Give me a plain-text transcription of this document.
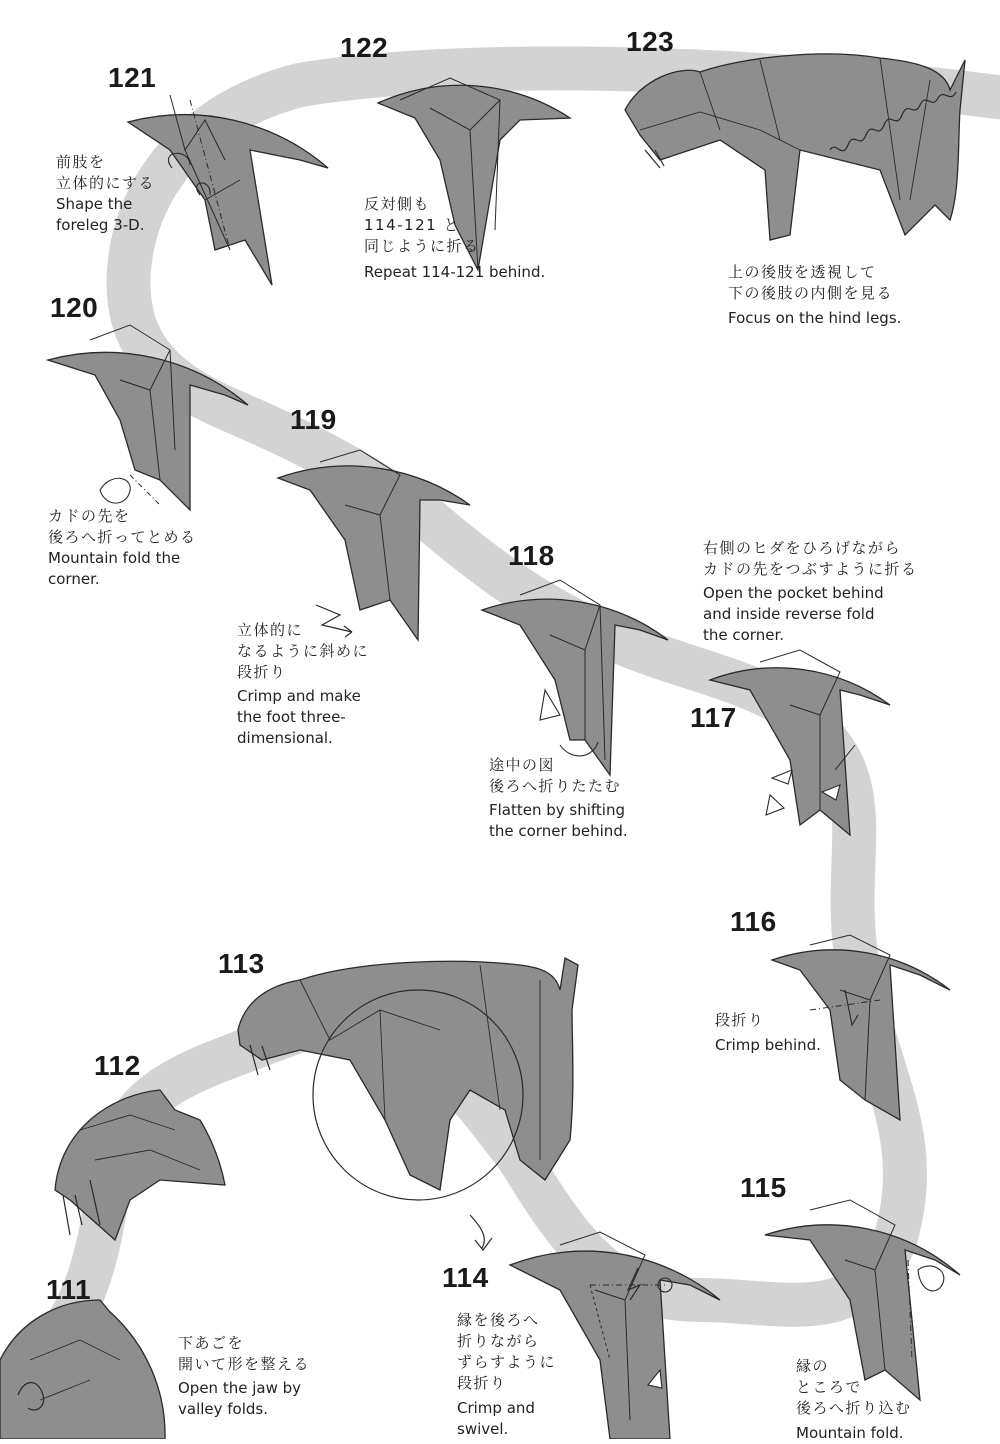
121
前肢を
立体的にする
Shape the
foreleg 3-D.
122
反対側も
114-121 と
同じように折る
Repeat 114-121 behind.
123
上の後肢を透視して
下の後肢の内側を見る
Focus on the hind legs.
120
カドの先を
後ろへ折ってとめる
Mountain fold the
corner.
119
立体的に
なるように斜めに
段折り
Crimp and make
the foot three-
dimensional.
118
途中の図
後ろへ折りたたむ
Flatten by shifting
the corner behind.
117
右側のヒダをひろげながら
カドの先をつぶすように折る
Open the pocket behind
and inside reverse fold
the corner.
116
段折り
Crimp behind.
115
縁の
ところで
後ろへ折り込む
Mountain fold.
114
縁を後ろへ
折りながら
ずらすように
段折り
Crimp and
swivel.
113
112
111
下あごを
開いて形を整える
Open the jaw by
valley folds.
